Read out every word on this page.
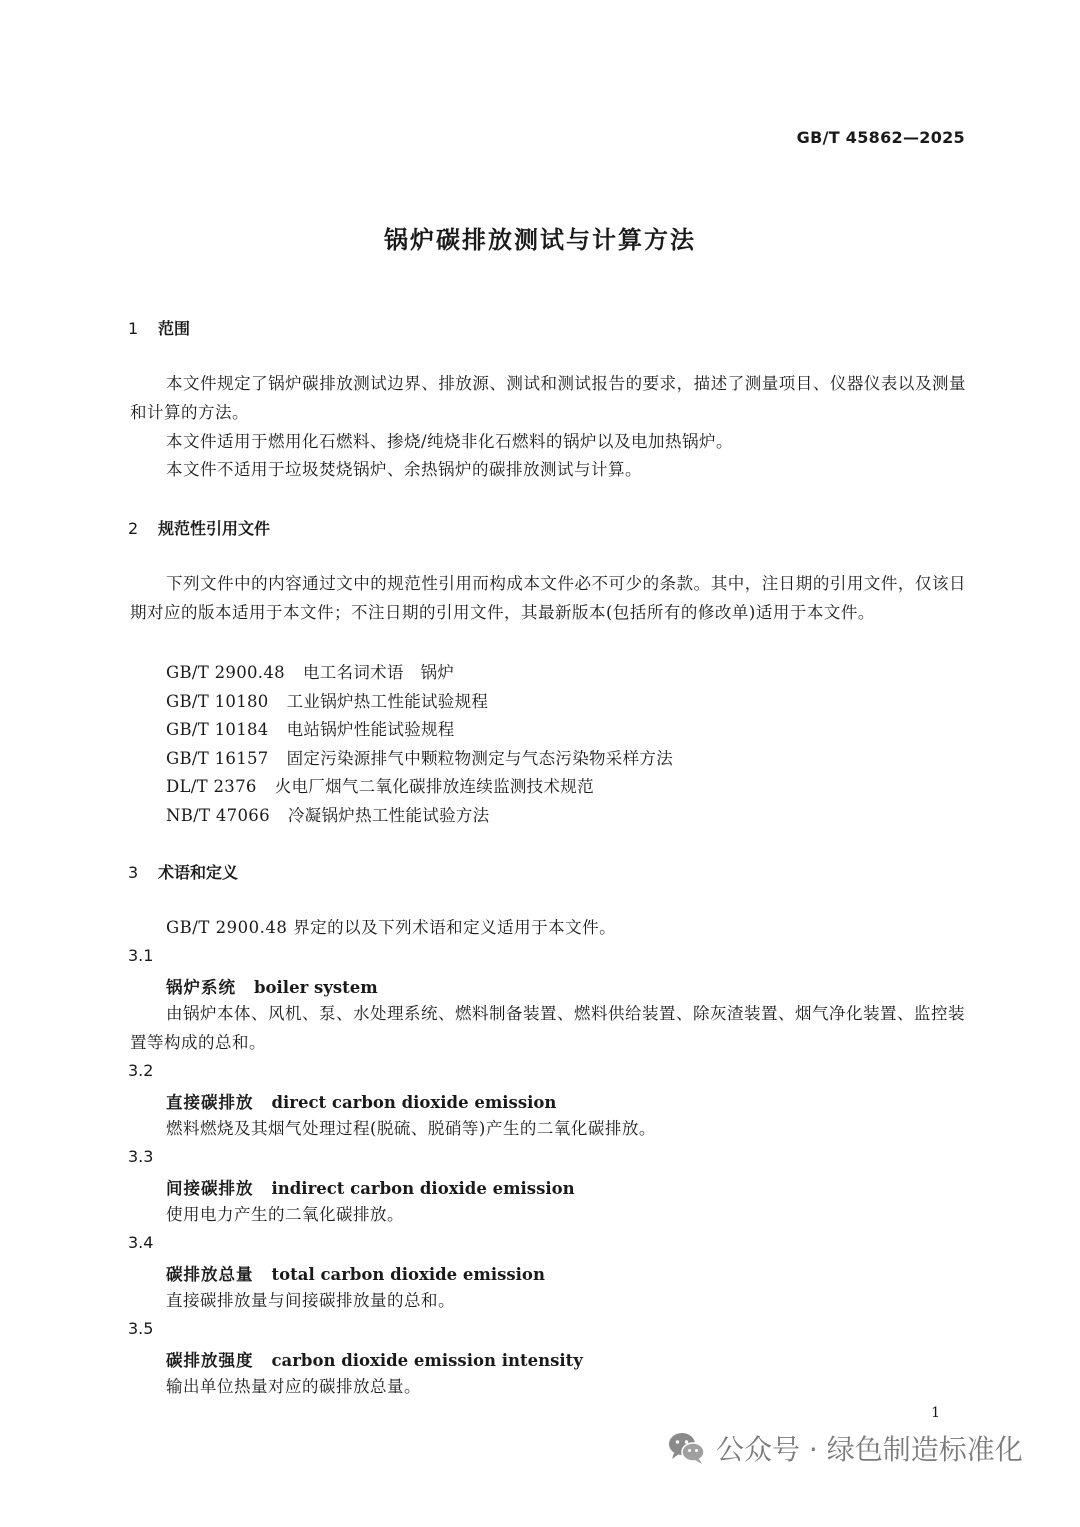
GB/T 45862—2025
锅炉碳排放测试与计算方法
1 范围
本文件规定了锅炉碳排放测试边界、排放源、测试和测试报告的要求，描述了测量项目、仪器仪表以及测量和计算的方法。
本文件适用于燃用化石燃料、掺烧/纯烧非化石燃料的锅炉以及电加热锅炉。
本文件不适用于垃圾焚烧锅炉、余热锅炉的碳排放测试与计算。
2 规范性引用文件
下列文件中的内容通过文中的规范性引用而构成本文件必不可少的条款。其中，注日期的引用文件，仅该日期对应的版本适用于本文件；不注日期的引用文件，其最新版本(包括所有的修改单)适用于本文件。
GB/T 2900.48 电工名词术语　锅炉
GB/T 10180 工业锅炉热工性能试验规程
GB/T 10184 电站锅炉性能试验规程
GB/T 16157 固定污染源排气中颗粒物测定与气态污染物采样方法
DL/T 2376 火电厂烟气二氧化碳排放连续监测技术规范
NB/T 47066 冷凝锅炉热工性能试验方法
3 术语和定义
GB/T 2900.48 界定的以及下列术语和定义适用于本文件。
3.1
锅炉系统 boiler system
由锅炉本体、风机、泵、水处理系统、燃料制备装置、燃料供给装置、除灰渣装置、烟气净化装置、监控装置等构成的总和。
3.2
直接碳排放 direct carbon dioxide emission
燃料燃烧及其烟气处理过程(脱硫、脱硝等)产生的二氧化碳排放。
3.3
间接碳排放 indirect carbon dioxide emission
使用电力产生的二氧化碳排放。
3.4
碳排放总量 total carbon dioxide emission
直接碳排放量与间接碳排放量的总和。
3.5
碳排放强度 carbon dioxide emission intensity
输出单位热量对应的碳排放总量。
1
公众号 · 绿色制造标准化
